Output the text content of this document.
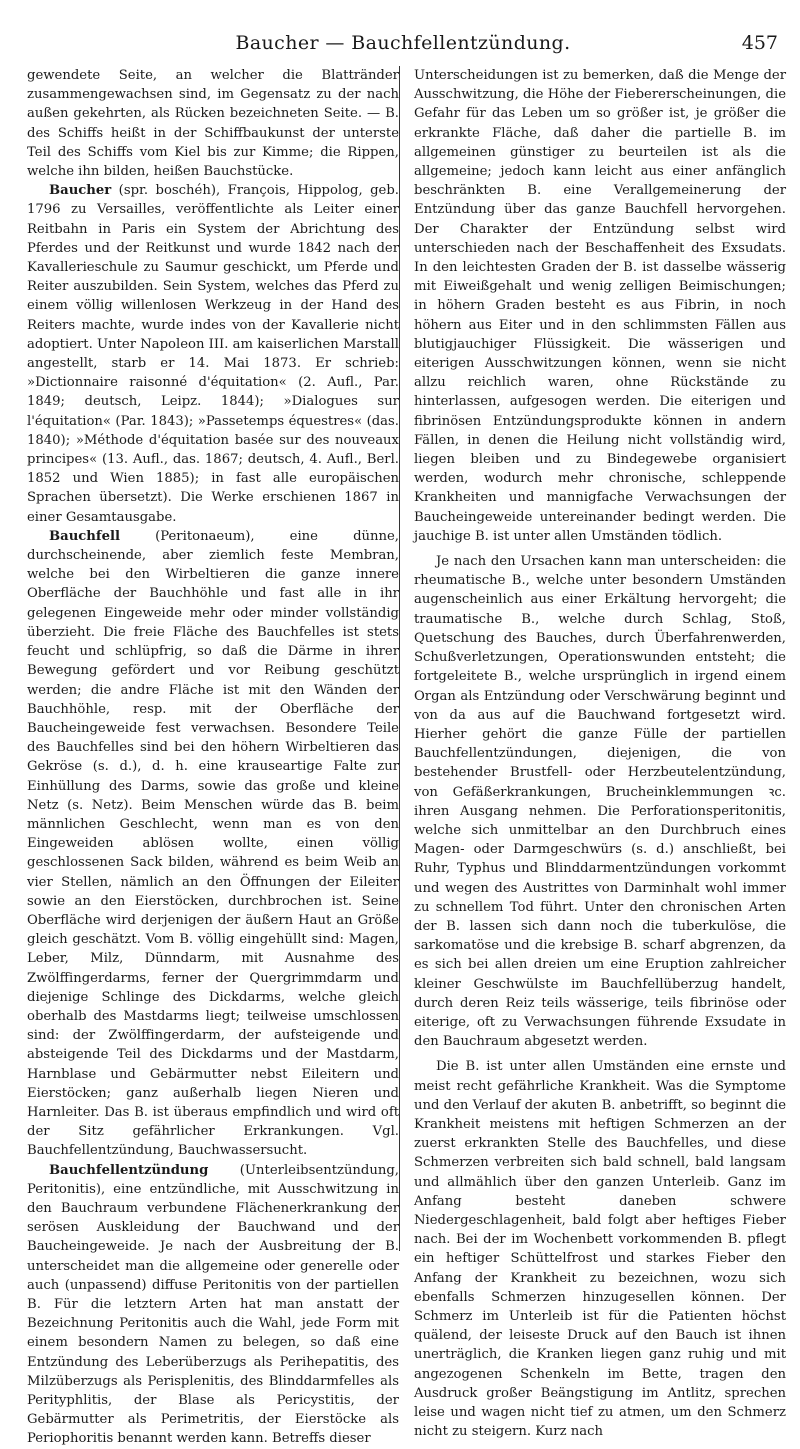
Baucher — Bauchfellentzündung.	457

gewendete Seite, an welcher die Blattränder zusammengewachsen sind, im Gegensatz zu der nach außen gekehrten, als Rücken bezeichneten Seite. — B. des Schiffs heißt in der Schiffbaukunst der unterste Teil des Schiffs vom Kiel bis zur Kimme; die Rippen, welche ihn bilden, heißen Bauchstücke.

Baucher (spr. boschéh), François, Hippolog, geb. 1796 zu Versailles, veröffentlichte als Leiter einer Reitbahn in Paris ein System der Abrichtung des Pferdes und der Reitkunst und wurde 1842 nach der Kavallerieschule zu Saumur geschickt, um Pferde und Reiter auszubilden. Sein System, welches das Pferd zu einem völlig willenlosen Werkzeug in der Hand des Reiters machte, wurde indes von der Kavallerie nicht adoptiert. Unter Napoleon III. am kaiserlichen Marstall angestellt, starb er 14. Mai 1873. Er schrieb: »Dictionnaire raisonné d'équitation« (2. Aufl., Par. 1849; deutsch, Leipz. 1844); »Dialogues sur l'équitation« (Par. 1843); »Passetemps équestres« (das. 1840); »Méthode d'équitation basée sur des nouveaux principes« (13. Aufl., das. 1867; deutsch, 4. Aufl., Berl. 1852 und Wien 1885); in fast alle europäischen Sprachen übersetzt). Die Werke erschienen 1867 in einer Gesamtausgabe.

Bauchfell (Peritonaeum), eine dünne, durchscheinende, aber ziemlich feste Membran, welche bei den Wirbeltieren die ganze innere Oberfläche der Bauchhöhle und fast alle in ihr gelegenen Eingeweide mehr oder minder vollständig überzieht. Die freie Fläche des Bauchfelles ist stets feucht und schlüpfrig, so daß die Därme in ihrer Bewegung gefördert und vor Reibung geschützt werden; die andre Fläche ist mit den Wänden der Bauchhöhle, resp. mit der Oberfläche der Baucheingeweide fest verwachsen. Besondere Teile des Bauchfelles sind bei den höhern Wirbeltieren das Gekröse (s. d.), d. h. eine krauseartige Falte zur Einhüllung des Darms, sowie das große und kleine Netz (s. Netz). Beim Menschen würde das B. beim männlichen Geschlecht, wenn man es von den Eingeweiden ablösen wollte, einen völlig geschlossenen Sack bilden, während es beim Weib an vier Stellen, nämlich an den Öffnungen der Eileiter sowie an den Eierstöcken, durchbrochen ist. Seine Oberfläche wird derjenigen der äußern Haut an Größe gleich geschätzt. Vom B. völlig eingehüllt sind: Magen, Leber, Milz, Dünndarm, mit Ausnahme des Zwölffingerdarms, ferner der Quergrimmdarm und diejenige Schlinge des Dickdarms, welche gleich oberhalb des Mastdarms liegt; teilweise umschlossen sind: der Zwölffingerdarm, der aufsteigende und absteigende Teil des Dickdarms und der Mastdarm, Harnblase und Gebärmutter nebst Eileitern und Eierstöcken; ganz außerhalb liegen Nieren und Harnleiter. Das B. ist überaus empfindlich und wird oft der Sitz gefährlicher Erkrankungen. Vgl. Bauchfellentzündung, Bauchwassersucht.

Bauchfellentzündung (Unterleibsentzündung, Peritonitis), eine entzündliche, mit Ausschwitzung in den Bauchraum verbundene Flächenerkrankung der serösen Auskleidung der Bauchwand und der Baucheingeweide. Je nach der Ausbreitung der B. unterscheidet man die allgemeine oder generelle oder auch (unpassend) diffuse Peritonitis von der partiellen B. Für die letztern Arten hat man anstatt der Bezeichnung Peritonitis auch die Wahl, jede Form mit einem besondern Namen zu belegen, so daß eine Entzündung des Leberüberzugs als Perihepatitis, des Milzüberzugs als Perisplenitis, des Blinddarmfelles als Perityphlitis, der Blase als Pericystitis, der Gebärmutter als Perimetritis, der Eierstöcke als Periophoritis benannt werden kann. Betreffs dieser

Unterscheidungen ist zu bemerken, daß die Menge der Ausschwitzung, die Höhe der Fiebererscheinungen, die Gefahr für das Leben um so größer ist, je größer die erkrankte Fläche, daß daher die partielle B. im allgemeinen günstiger zu beurteilen ist als die allgemeine; jedoch kann leicht aus einer anfänglich beschränkten B. eine Verallgemeinerung der Entzündung über das ganze Bauchfell hervorgehen. Der Charakter der Entzündung selbst wird unterschieden nach der Beschaffenheit des Exsudats. In den leichtesten Graden der B. ist dasselbe wässerig mit Eiweißgehalt und wenig zelligen Beimischungen; in höhern Graden besteht es aus Fibrin, in noch höhern aus Eiter und in den schlimmsten Fällen aus blutigjauchiger Flüssigkeit. Die wässerigen und eiterigen Ausschwitzungen können, wenn sie nicht allzu reichlich waren, ohne Rückstände zu hinterlassen, aufgesogen werden. Die eiterigen und fibrinösen Entzündungsprodukte können in andern Fällen, in denen die Heilung nicht vollständig wird, liegen bleiben und zu Bindegewebe organisiert werden, wodurch mehr chronische, schleppende Krankheiten und mannigfache Verwachsungen der Baucheingeweide untereinander bedingt werden. Die jauchige B. ist unter allen Umständen tödlich.

Je nach den Ursachen kann man unterscheiden: die rheumatische B., welche unter besondern Umständen augenscheinlich aus einer Erkältung hervorgeht; die traumatische B., welche durch Schlag, Stoß, Quetschung des Bauches, durch Überfahrenwerden, Schußverletzungen, Operationswunden entsteht; die fortgeleitete B., welche ursprünglich in irgend einem Organ als Entzündung oder Verschwärung beginnt und von da aus auf die Bauchwand fortgesetzt wird. Hierher gehört die ganze Fülle der partiellen Bauchfellentzündungen, diejenigen, die von bestehender Brustfell- oder Herzbeutelentzündung, von Gefäßerkrankungen, Brucheinklemmungen ꝛc. ihren Ausgang nehmen. Die Perforationsperitonitis, welche sich unmittelbar an den Durchbruch eines Magen- oder Darmgeschwürs (s. d.) anschließt, bei Ruhr, Typhus und Blinddarmentzündungen vorkommt und wegen des Austrittes von Darminhalt wohl immer zu schnellem Tod führt. Unter den chronischen Arten der B. lassen sich dann noch die tuberkulöse, die sarkomatöse und die krebsige B. scharf abgrenzen, da es sich bei allen dreien um eine Eruption zahlreicher kleiner Geschwülste im Bauchfellüberzug handelt, durch deren Reiz teils wässerige, teils fibrinöse oder eiterige, oft zu Verwachsungen führende Exsudate in den Bauchraum abgesetzt werden.

Die B. ist unter allen Umständen eine ernste und meist recht gefährliche Krankheit. Was die Symptome und den Verlauf der akuten B. anbetrifft, so beginnt die Krankheit meistens mit heftigen Schmerzen an der zuerst erkrankten Stelle des Bauchfelles, und diese Schmerzen verbreiten sich bald schnell, bald langsam und allmählich über den ganzen Unterleib. Ganz im Anfang besteht daneben schwere Niedergeschlagenheit, bald folgt aber heftiges Fieber nach. Bei der im Wochenbett vorkommenden B. pflegt ein heftiger Schüttelfrost und starkes Fieber den Anfang der Krankheit zu bezeichnen, wozu sich ebenfalls Schmerzen hinzugesellen können. Der Schmerz im Unterleib ist für die Patienten höchst quälend, der leiseste Druck auf den Bauch ist ihnen unerträglich, die Kranken liegen ganz ruhig und mit angezogenen Schenkeln im Bette, tragen den Ausdruck großer Beängstigung im Antlitz, sprechen leise und wagen nicht tief zu atmen, um den Schmerz nicht zu steigern. Kurz nach
